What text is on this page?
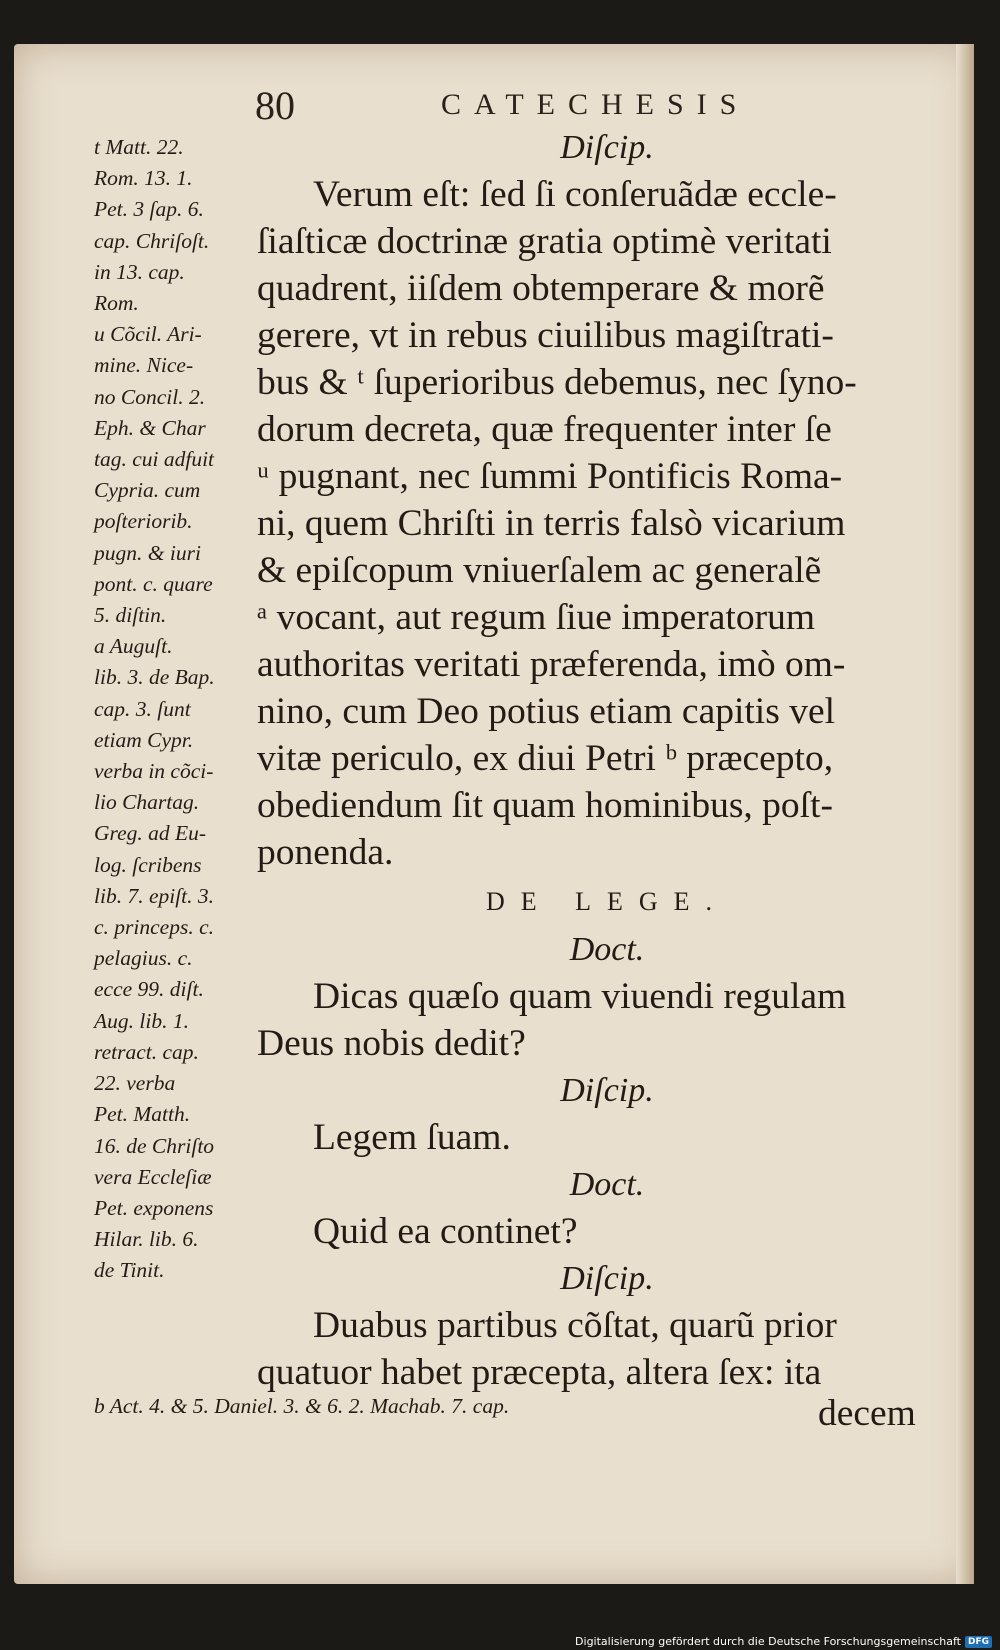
80	CATECHESIS
t Matt. 22.
Rom. 13. 1.
Pet. 3 ſap. 6.
cap. Chriſoſt.
in 13. cap.
Rom.
u Cõcil. Ari-
mine. Nice-
no Concil. 2.
Eph. & Char
tag. cui adfuit
Cypria. cum
poſteriorib.
pugn. & iuri
pont. c. quare
5. diſtin.
a Auguſt.
lib. 3. de Bap.
cap. 3. ſunt
etiam Cypr.
verba in cõci-
lio Chartag.
Greg. ad Eu-
log. ſcribens
lib. 7. epiſt. 3.
c. princeps. c.
pelagius. c.
ecce 99. diſt.
Aug. lib. 1.
retract. cap.
22. verba
Pet. Matth.
16. de Chriſto
vera Eccleſiæ
Pet. exponens
Hilar. lib. 6.
de Tinit.
b Act. 4. & 5. Daniel. 3. & 6. 2. Machab. 7. cap.
Diſcip.
Verum eſt: ſed ſi conſeruãdæ eccle-
ſiaſticæ doctrinæ gratia optimè veritati
quadrent, iiſdem obtemperare & morẽ
gerere, vt in rebus ciuilibus magiſtrati-
bus & ᵗ ſuperioribus debemus, nec ſyno-
dorum decreta, quæ frequenter inter ſe
ᵘ pugnant, nec ſummi Pontificis Roma-
ni, quem Chriſti in terris falsò vicarium
& epiſcopum vniuerſalem ac generalẽ
ᵃ vocant, aut regum ſiue imperatorum
authoritas veritati præferenda, imò om-
nino, cum Deo potius etiam capitis vel
vitæ periculo, ex diui Petri ᵇ præcepto,
obediendum ſit quam hominibus, poſt-
ponenda.
DE LEGE.
Doct.
Dicas quæſo quam viuendi regulam
Deus nobis dedit?
Diſcip.
Legem ſuam.
Doct.
Quid ea continet?
Diſcip.
Duabus partibus cõſtat, quarũ prior
quatuor habet præcepta, altera ſex: ita
decem
Digitalisierung gefördert durch die Deutsche Forschungsgemeinschaft DFG
